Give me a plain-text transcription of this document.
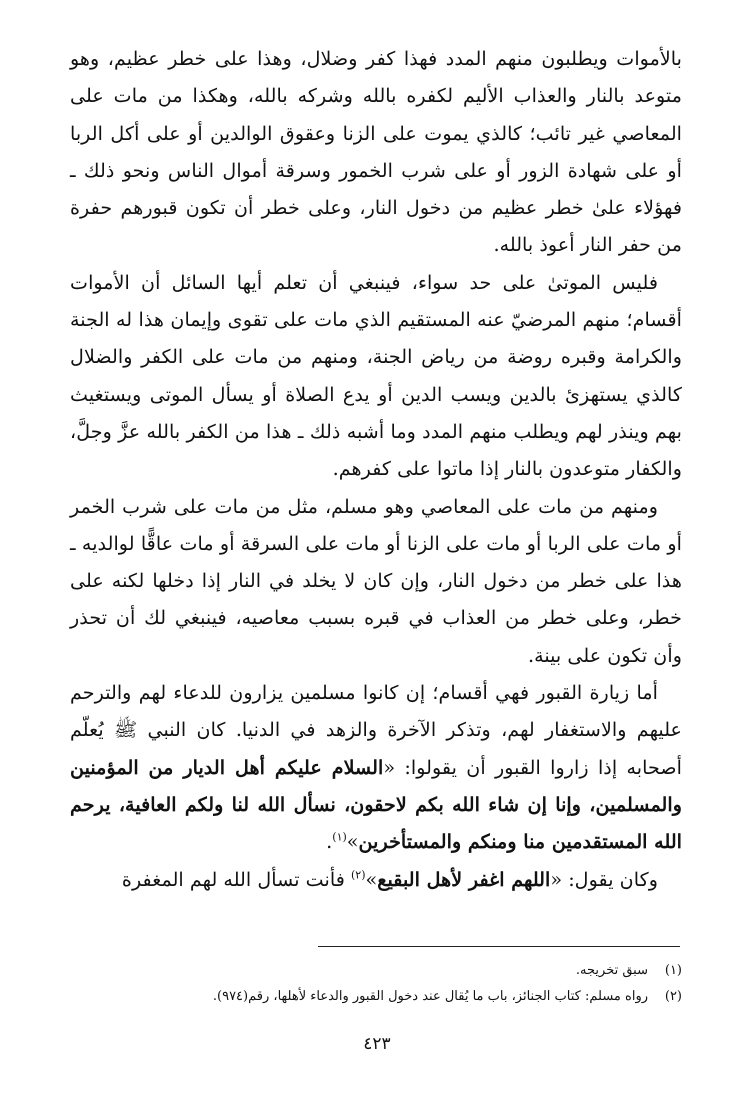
بالأموات ويطلبون منهم المدد فهذا كفر وضلال، وهذا على خطر عظيم، وهو متوعد بالنار والعذاب الأليم لكفره بالله وشركه بالله، وهكذا من مات على المعاصي غير تائب؛ كالذي يموت على الزنا وعقوق الوالدين أو على أكل الربا أو على شهادة الزور أو على شرب الخمور وسرقة أموال الناس ونحو ذلك ـ فهؤلاء علىٰ خطر عظيم من دخول النار، وعلى خطر أن تكون قبورهم حفرة من حفر النار أعوذ بالله.

فليس الموتىٰ على حد سواء، فينبغي أن تعلم أيها السائل أن الأموات أقسام؛ منهم المرضيّ عنه المستقيم الذي مات على تقوى وإيمان هذا له الجنة والكرامة وقبره روضة من رياض الجنة، ومنهم من مات على الكفر والضلال كالذي يستهزئ بالدين ويسب الدين أو يدع الصلاة أو يسأل الموتى ويستغيث بهم وينذر لهم ويطلب منهم المدد وما أشبه ذلك ـ هذا من الكفر بالله عزَّ وجلَّ، والكفار متوعدون بالنار إذا ماتوا على كفرهم.

ومنهم من مات على المعاصي وهو مسلم، مثل من مات على شرب الخمر أو مات على الربا أو مات على الزنا أو مات على السرقة أو مات عاقًّا لوالديه ـ هذا على خطر من دخول النار، وإن كان لا يخلد في النار إذا دخلها لكنه على خطر، وعلى خطر من العذاب في قبره بسبب معاصيه، فينبغي لك أن تحذر وأن تكون على بينة.

أما زيارة القبور فهي أقسام؛ إن كانوا مسلمين يزارون للدعاء لهم والترحم عليهم والاستغفار لهم، وتذكر الآخرة والزهد في الدنيا. كان النبي ﷺ يُعلّم أصحابه إذا زاروا القبور أن يقولوا: «السلام عليكم أهل الديار من المؤمنين والمسلمين، وإنا إن شاء الله بكم لاحقون، نسأل الله لنا ولكم العافية، يرحم الله المستقدمين منا ومنكم والمستأخرين»$^{(١)}$.

وكان يقول: «اللهم اغفر لأهل البقيع»$^{(٢)}$ فأنت تسأل الله لهم المغفرة

(١)
سبق تخريجه.
(٢)
رواه مسلم: كتاب الجنائز، باب ما يُقال عند دخول القبور والدعاء لأهلها، رقم(٩٧٤).
٤٢٣
